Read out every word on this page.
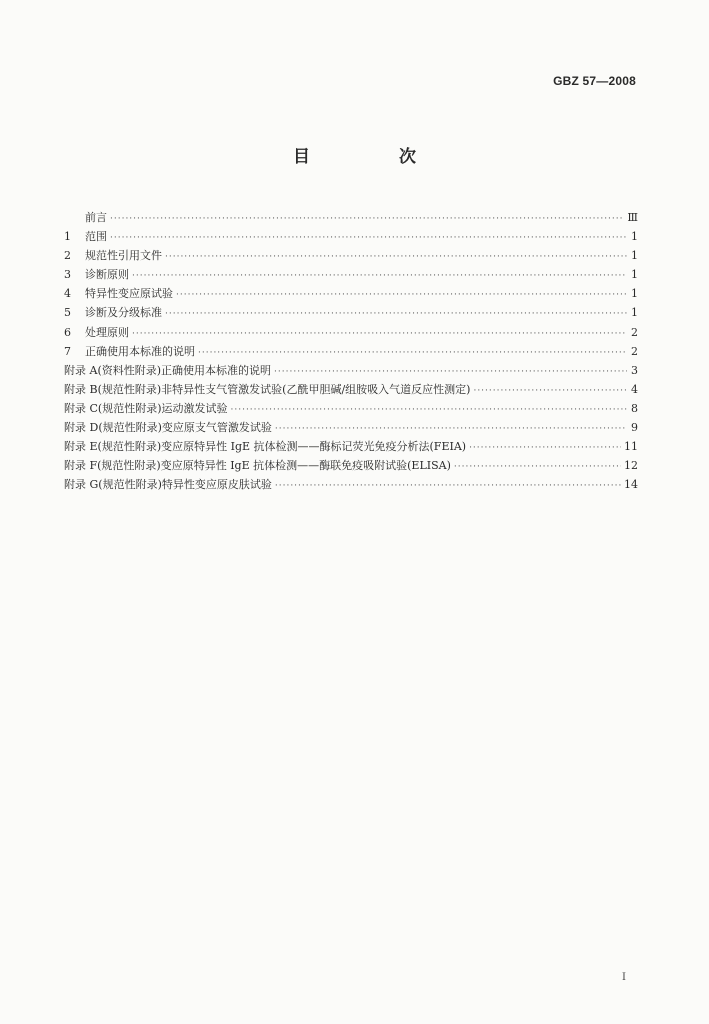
GBZ 57—2008
目　次
前言 ·····	Ⅲ
1	范围 ·····	1
2	规范性引用文件 ·····	1
3	诊断原则 ·····	1
4	特异性变应原试验 ·····	1
5	诊断及分级标准 ·····	1
6	处理原则 ·····	2
7	正确使用本标准的说明 ·····	2
附录 A(资料性附录)正确使用本标准的说明 ·····	3
附录 B(规范性附录)非特异性支气管激发试验(乙酰甲胆碱/组胺吸入气道反应性测定) ·····	4
附录 C(规范性附录)运动激发试验 ·····	8
附录 D(规范性附录)变应原支气管激发试验 ·····	9
附录 E(规范性附录)变应原特异性 IgE 抗体检测——酶标记荧光免疫分析法(FEIA) ·····	11
附录 F(规范性附录)变应原特异性 IgE 抗体检测——酶联免疫吸附试验(ELISA) ·····	12
附录 G(规范性附录)特异性变应原皮肤试验 ·····	14
I
